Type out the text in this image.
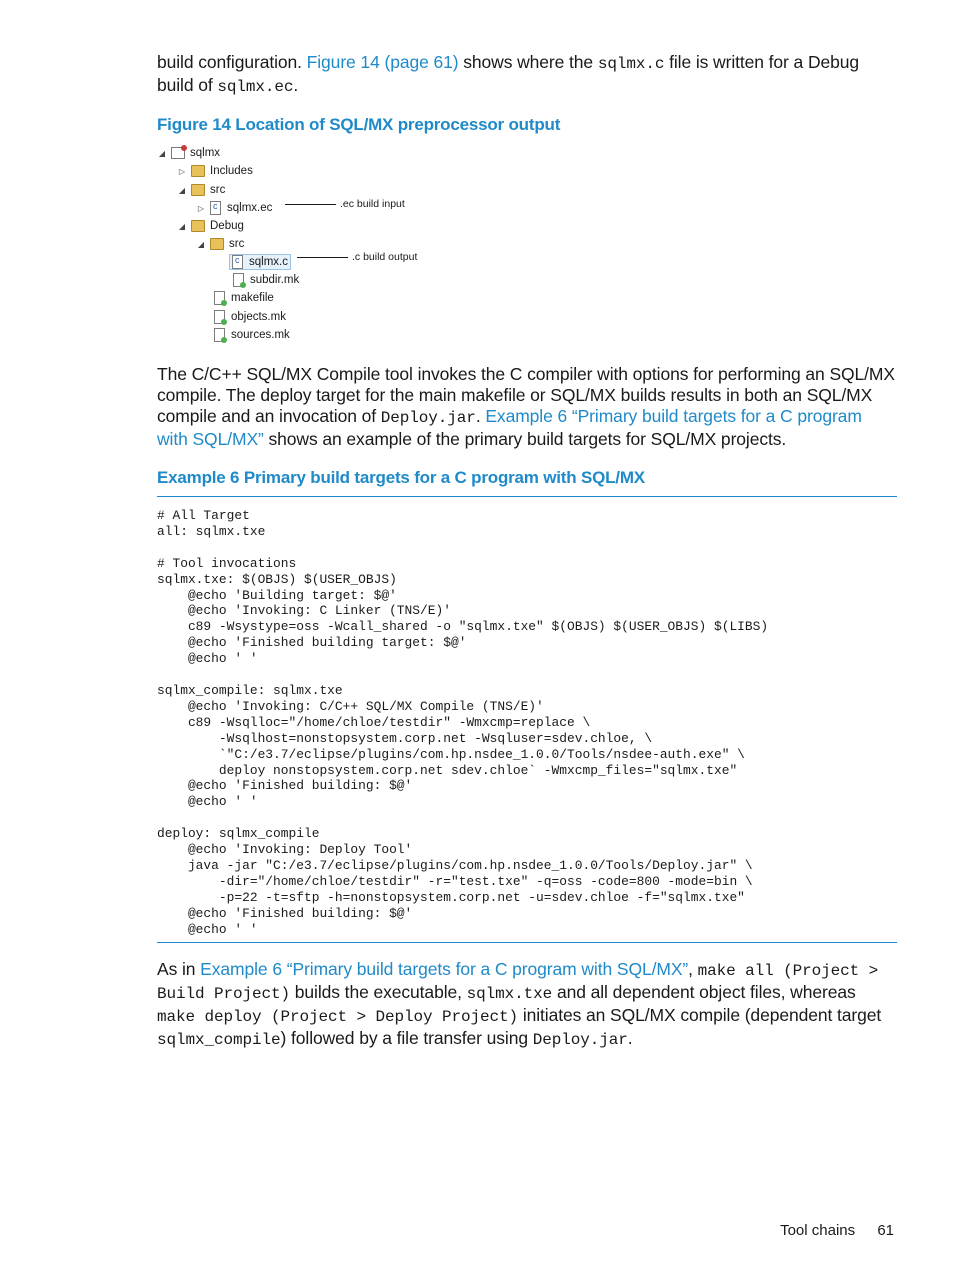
build configuration. Figure 14 (page 61) shows where the sqlmx.c file is written for a Debug build of sqlmx.ec.

Figure 14 Location of SQL/MX preprocessor output

◢ sqlmx
▷ Includes
◢ src
▷
c sqlmx.ec	.ec build input
◢ Debug
◢ src
c
sqlmx.c	.c build output
subdir.mk
makefile
objects.mk
sources.mk

The C/C++ SQL/MX Compile tool invokes the C compiler with options for performing an SQL/MX compile. The deploy target for the main makefile or SQL/MX builds results in both an SQL/MX compile and an invocation of Deploy.jar. Example 6 “Primary build targets for a C program with SQL/MX” shows an example of the primary build targets for SQL/MX projects.

Example 6 Primary build targets for a C program with SQL/MX

# All Target
all: sqlmx.txe

# Tool invocations
sqlmx.txe: $(OBJS) $(USER_OBJS)
@echo 'Building target: $@'
@echo 'Invoking: C Linker (TNS/E)'
c89 -Wsystype=oss -Wcall_shared -o "sqlmx.txe" $(OBJS) $(USER_OBJS) $(LIBS)
@echo 'Finished building target: $@'
@echo ' '

sqlmx_compile: sqlmx.txe
@echo 'Invoking: C/C++ SQL/MX Compile (TNS/E)'
c89 -Wsqlloc="/home/chloe/testdir" -Wmxcmp=replace \
-Wsqlhost=nonstopsystem.corp.net -Wsqluser=sdev.chloe, \
`"C:/e3.7/eclipse/plugins/com.hp.nsdee_1.0.0/Tools/nsdee-auth.exe" \
deploy nonstopsystem.corp.net sdev.chloe` -Wmxcmp_files="sqlmx.txe"
@echo 'Finished building: $@'
@echo ' '

deploy: sqlmx_compile
@echo 'Invoking: Deploy Tool'
java -jar "C:/e3.7/eclipse/plugins/com.hp.nsdee_1.0.0/Tools/Deploy.jar" \
-dir="/home/chloe/testdir" -r="test.txe" -q=oss -code=800 -mode=bin \
-p=22 -t=sftp -h=nonstopsystem.corp.net -u=sdev.chloe -f="sqlmx.txe"
@echo 'Finished building: $@'
@echo ' '

As in Example 6 “Primary build targets for a C program with SQL/MX”, make all (Project > Build Project) builds the executable, sqlmx.txe and all dependent object files, whereas make deploy (Project > Deploy Project) initiates an SQL/MX compile (dependent target sqlmx_compile) followed by a file transfer using Deploy.jar.

Tool chains 61
